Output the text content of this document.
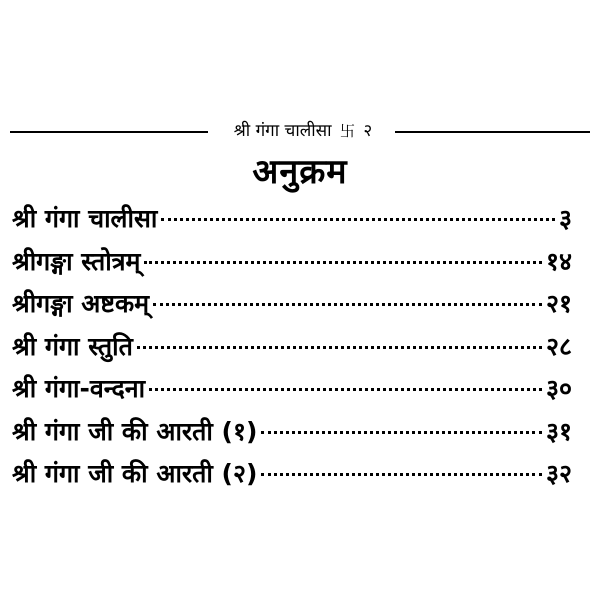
श्री गंगा चालीसा 卐 २
अनुक्रम
श्री गंगा चालीसा	३
श्रीगङ्गा स्तोत्रम्	१४
श्रीगङ्गा अष्टकम्	२१
श्री गंगा स्तुति	२८
श्री गंगा-वन्दना	३०
श्री गंगा जी की आरती (१)	३१
श्री गंगा जी की आरती (२)	३२
